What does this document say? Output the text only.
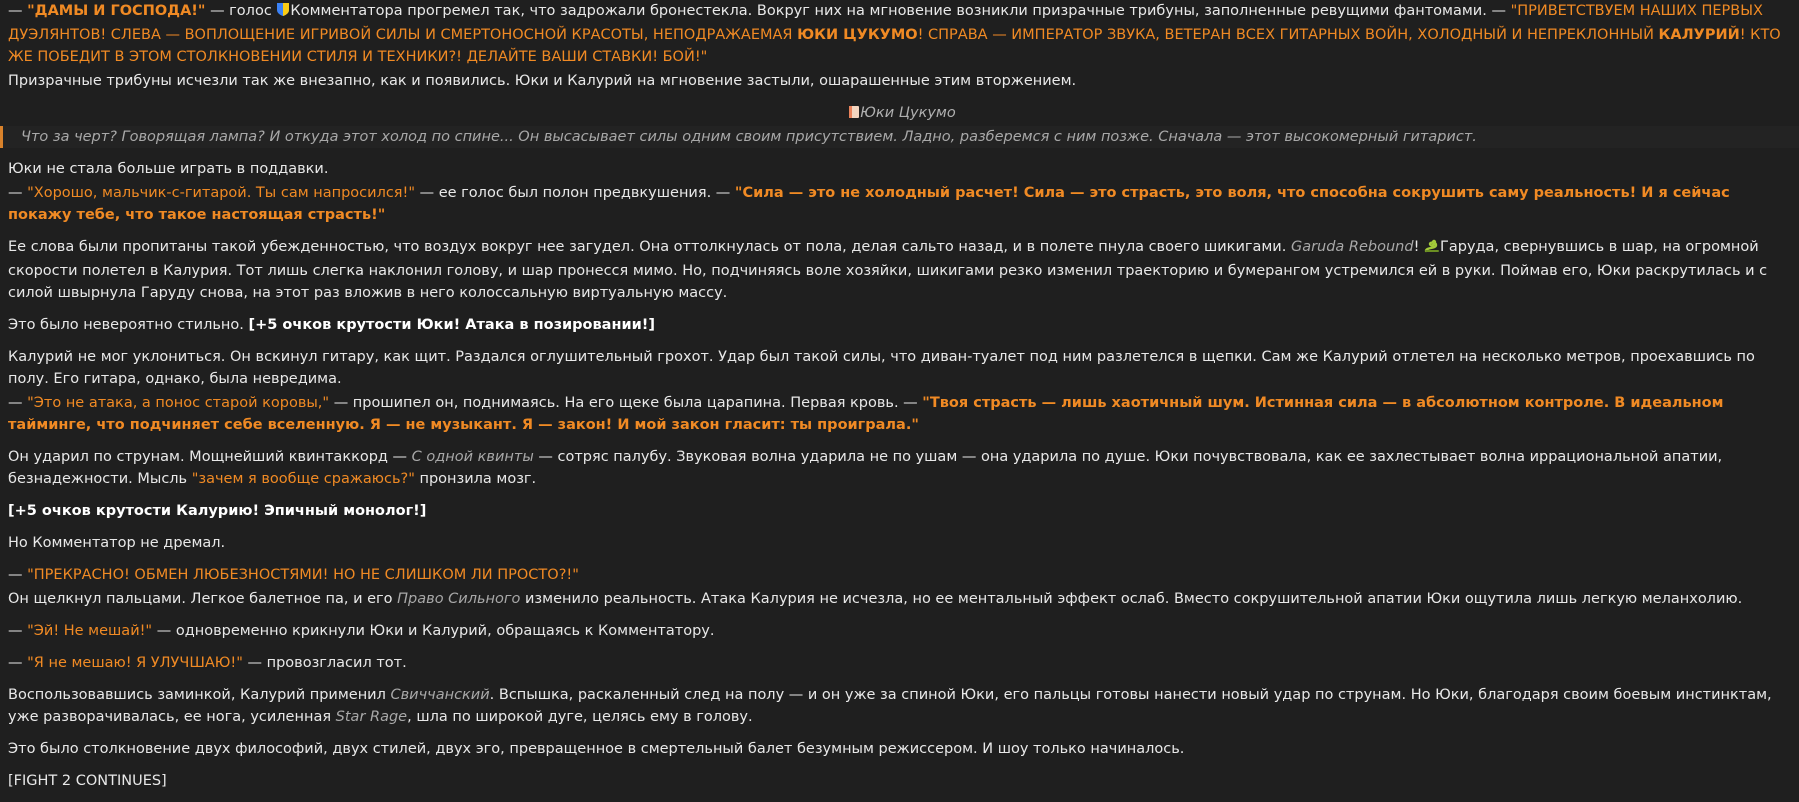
— "ДАМЫ И ГОСПОДА!" — голос Комментатора прогремел так, что задрожали бронестекла. Вокруг них на мгновение возникли призрачные трибуны, заполненные ревущими фантомами. — "ПРИВЕТСТВУЕМ НАШИХ ПЕРВЫХ ДУЭЛЯНТОВ! СЛЕВА — ВОПЛОЩЕНИЕ ИГРИВОЙ СИЛЫ И СМЕРТОНОСНОЙ КРАСОТЫ, НЕПОДРАЖАЕМАЯ ЮКИ ЦУКУМО! СПРАВА — ИМПЕРАТОР ЗВУКА, ВЕТЕРАН ВСЕХ ГИТАРНЫХ ВОЙН, ХОЛОДНЫЙ И НЕПРЕКЛОННЫЙ КАЛУРИЙ! КТО ЖЕ ПОБЕДИТ В ЭТОМ СТОЛКНОВЕНИИ СТИЛЯ И ТЕХНИКИ?! ДЕЛАЙТЕ ВАШИ СТАВКИ! БОЙ!"

Призрачные трибуны исчезли так же внезапно, как и появились. Юки и Калурий на мгновение застыли, ошарашенные этим вторжением.

Юки Цукумо
Что за черт? Говорящая лампа? И откуда этот холод по спине... Он высасывает силы одним своим присутствием. Ладно, разберемся с ним позже. Сначала — этот высокомерный гитарист.

Юки не стала больше играть в поддавки.

— "Хорошо, мальчик-с-гитарой. Ты сам напросился!" — ее голос был полон предвкушения. — "Сила — это не холодный расчет! Сила — это страсть, это воля, что способна сокрушить саму реальность! И я сейчас покажу тебе, что такое настоящая страсть!"

Ее слова были пропитаны такой убежденностью, что воздух вокруг нее загудел. Она оттолкнулась от пола, делая сальто назад, и в полете пнула своего шикигами. Garuda Rebound! Гаруда, свернувшись в шар, на огромной скорости полетел в Калурия. Тот лишь слегка наклонил голову, и шар пронесся мимо. Но, подчиняясь воле хозяйки, шикигами резко изменил траекторию и бумерангом устремился ей в руки. Поймав его, Юки раскрутилась и с силой швырнула Гаруду снова, на этот раз вложив в него колоссальную виртуальную массу.

Это было невероятно стильно. [+5 очков крутости Юки! Атака в позировании!]

Калурий не мог уклониться. Он вскинул гитару, как щит. Раздался оглушительный грохот. Удар был такой силы, что диван-туалет под ним разлетелся в щепки. Сам же Калурий отлетел на несколько метров, проехавшись по полу. Его гитара, однако, была невредима.

— "Это не атака, а понос старой коровы," — прошипел он, поднимаясь. На его щеке была царапина. Первая кровь. — "Твоя страсть — лишь хаотичный шум. Истинная сила — в абсолютном контроле. В идеальном тайминге, что подчиняет себе вселенную. Я — не музыкант. Я — закон! И мой закон гласит: ты проиграла."

Он ударил по струнам. Мощнейший квинтаккорд — С одной квинты — сотряс палубу. Звуковая волна ударила не по ушам — она ударила по душе. Юки почувствовала, как ее захлестывает волна иррациональной апатии, безнадежности. Мысль "зачем я вообще сражаюсь?" пронзила мозг.

[+5 очков крутости Калурию! Эпичный монолог!]

Но Комментатор не дремал.

— "ПРЕКРАСНО! ОБМЕН ЛЮБЕЗНОСТЯМИ! НО НЕ СЛИШКОМ ЛИ ПРОСТО?!"

Он щелкнул пальцами. Легкое балетное па, и его Право Сильного изменило реальность. Атака Калурия не исчезла, но ее ментальный эффект ослаб. Вместо сокрушительной апатии Юки ощутила лишь легкую меланхолию.

— "Эй! Не мешай!" — одновременно крикнули Юки и Калурий, обращаясь к Комментатору.

— "Я не мешаю! Я УЛУЧШАЮ!" — провозгласил тот.

Воспользовавшись заминкой, Калурий применил Свиччанский. Вспышка, раскаленный след на полу — и он уже за спиной Юки, его пальцы готовы нанести новый удар по струнам. Но Юки, благодаря своим боевым инстинктам, уже разворачивалась, ее нога, усиленная Star Rage, шла по широкой дуге, целясь ему в голову.

Это было столкновение двух философий, двух стилей, двух эго, превращенное в смертельный балет безумным режиссером. И шоу только начиналось.

[FIGHT 2 CONTINUES]
